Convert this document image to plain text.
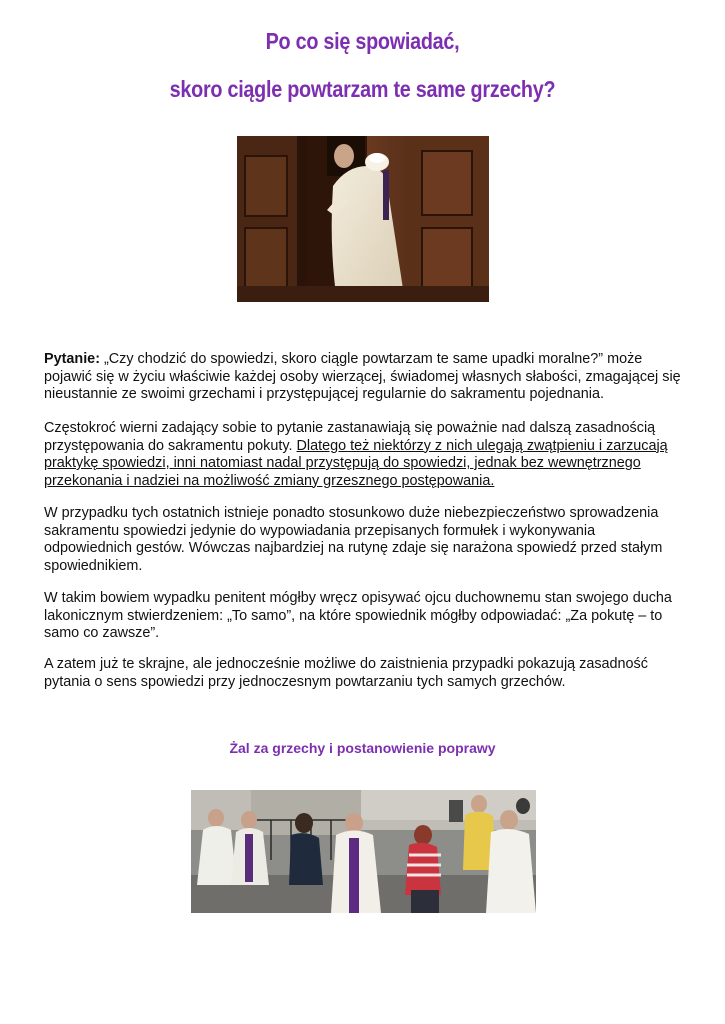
Po co się spowiadać,
skoro ciągle powtarzam te same grzechy?
Pytanie: „Czy chodzić do spowiedzi, skoro ciągle powtarzam te same upadki moralne?” może pojawić się w życiu właściwie każdej osoby wierzącej, świadomej własnych słabości, zmagającej się nieustannie ze swoimi grzechami i przystępującej regularnie do sakramentu pojednania.
Częstokroć wierni zadający sobie to pytanie zastanawiają się poważnie nad dalszą zasadnością przystępowania do sakramentu pokuty. Dlatego też niektórzy z nich ulegają zwątpieniu i zarzucają praktykę spowiedzi, inni natomiast nadal przystępują do spowiedzi, jednak bez wewnętrznego przekonania i nadziei na możliwość zmiany grzesznego postępowania.
W przypadku tych ostatnich istnieje ponadto stosunkowo duże niebezpieczeństwo sprowadzenia sakramentu spowiedzi jedynie do wypowiadania przepisanych formułek i wykonywania odpowiednich gestów. Wówczas najbardziej na rutynę zdaje się narażona spowiedź przed stałym spowiednikiem.
W takim bowiem wypadku penitent mógłby wręcz opisywać ojcu duchownemu stan swojego ducha lakonicznym stwierdzeniem: „To samo”, na które spowiednik mógłby odpowiadać: „Za pokutę – to samo co zawsze”.
A zatem już te skrajne, ale jednocześnie możliwe do zaistnienia przypadki pokazują zasadność pytania o sens spowiedzi przy jednoczesnym powtarzaniu tych samych grzechów.
Żal za grzechy i postanowienie poprawy
